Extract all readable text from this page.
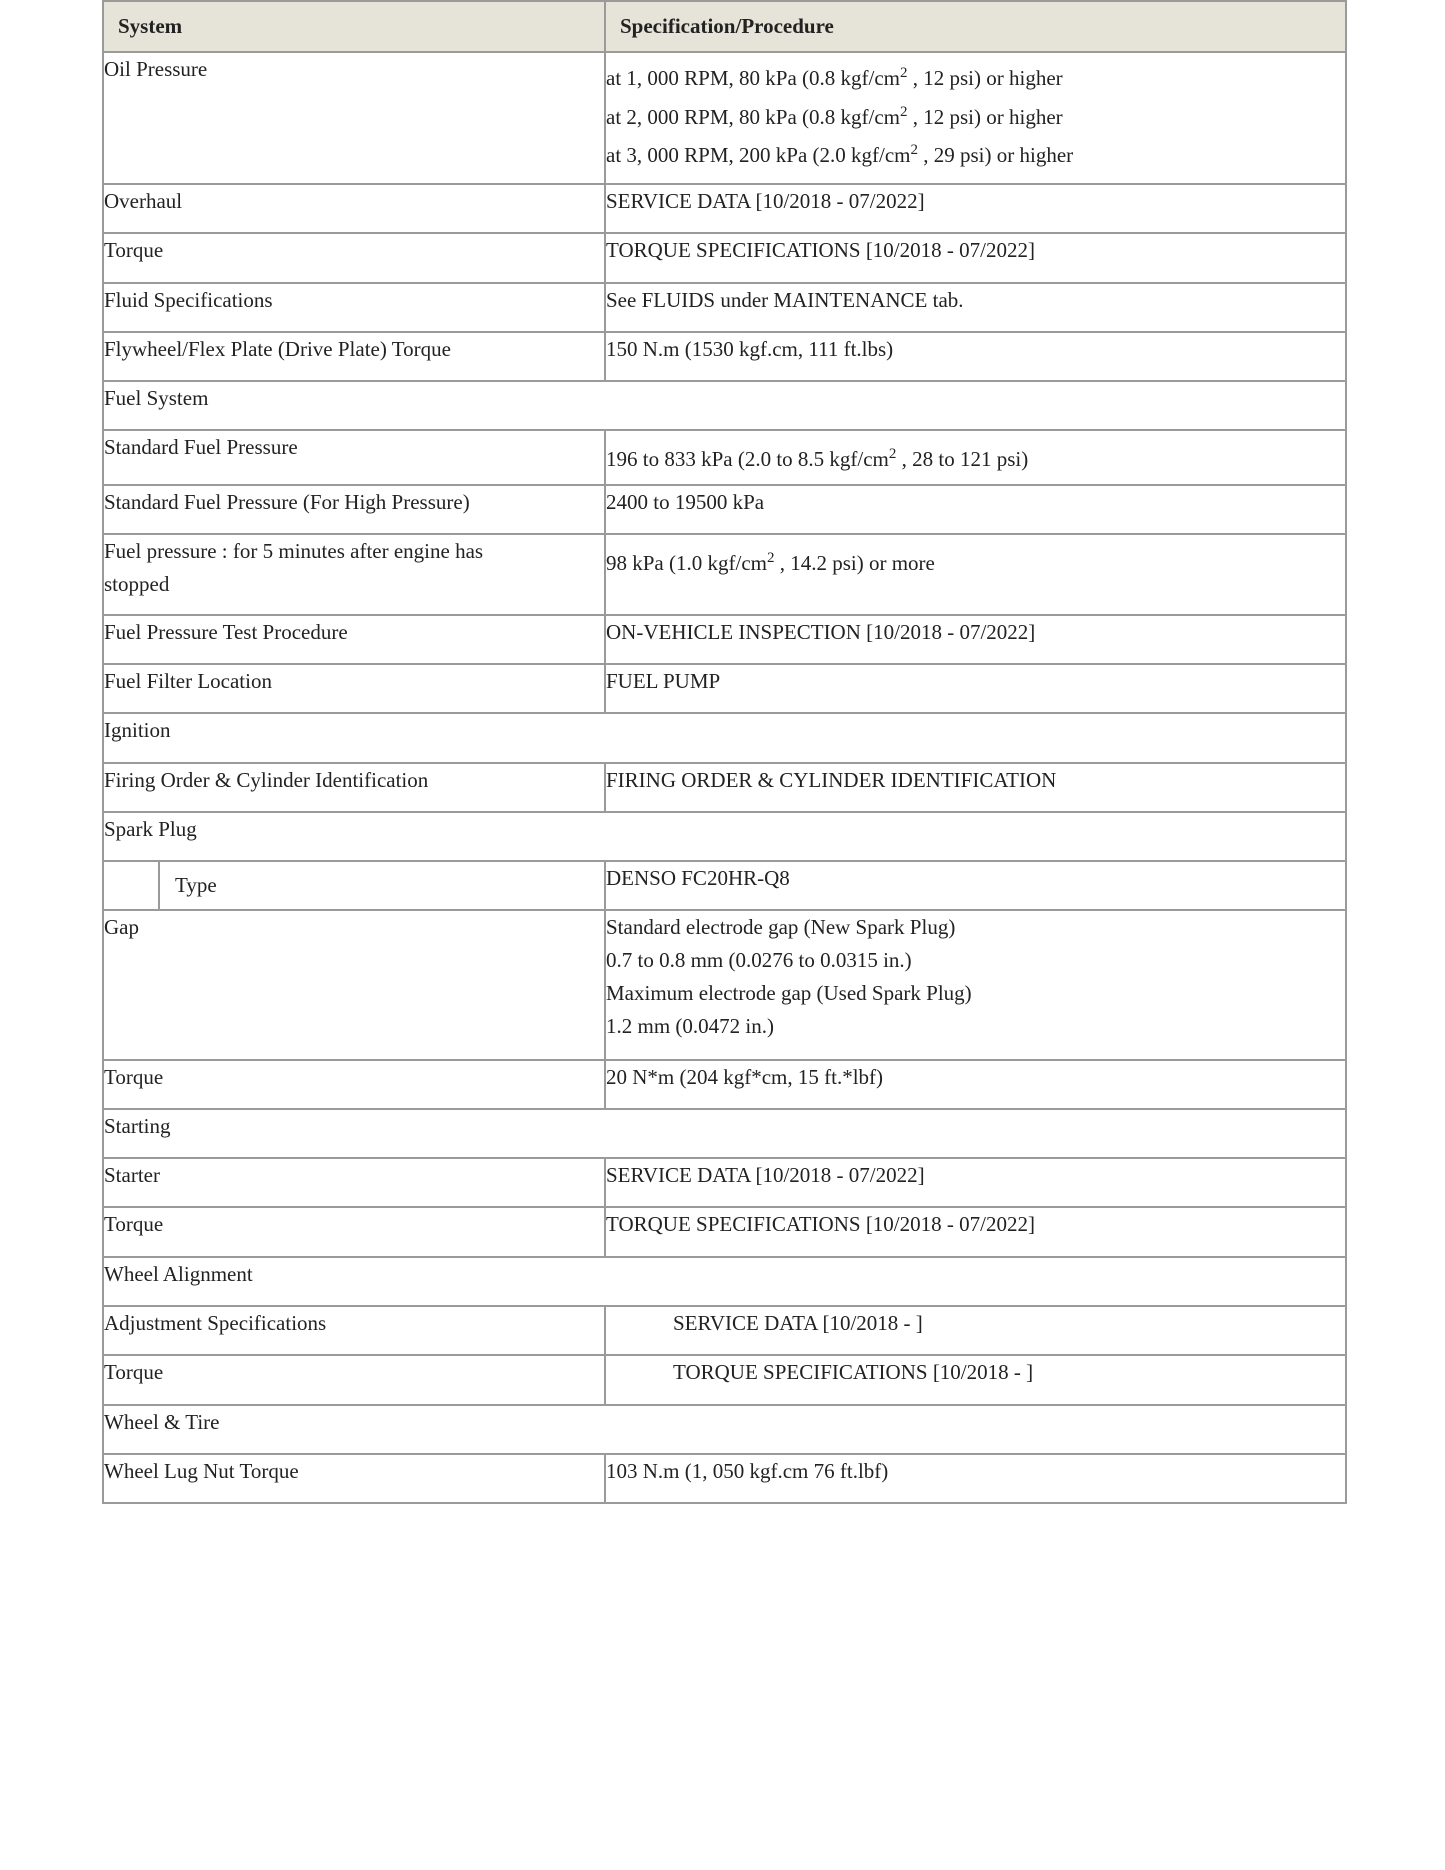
System	Specification/Procedure
Oil Pressure	at 1, 000 RPM, 80 kPa (0.8 kgf/$cm^2$ , 12 psi) or higher
at 2, 000 RPM, 80 kPa (0.8 kgf/$cm^2$ , 12 psi) or higher
at 3, 000 RPM, 200 kPa (2.0 kgf/$cm^2$ , 29 psi) or higher

Overhaul	SERVICE DATA [10/2018 - 07/2022]
Torque	TORQUE SPECIFICATIONS [10/2018 - 07/2022]
Fluid Specifications	See FLUIDS under MAINTENANCE tab.
Flywheel/Flex Plate (Drive Plate) Torque	150 N.m (1530 kgf.cm, 111 ft.lbs)
Fuel System	
Standard Fuel Pressure	196 to 833 kPa (2.0 to 8.5 kgf/$cm^2$ , 28 to 121 psi)
Standard Fuel Pressure (For High Pressure)	2400 to 19500 kPa
Fuel pressure : for 5 minutes after engine has stopped	98 kPa (1.0 kgf/$cm^2$ , 14.2 psi) or more
Fuel Pressure Test Procedure	ON-VEHICLE INSPECTION [10/2018 - 07/2022]
Fuel Filter Location	FUEL PUMP
Ignition	
Firing Order & Cylinder Identification	FIRING ORDER & CYLINDER IDENTIFICATION
Spark Plug	

Type	DENSO FC20HR-Q8
Gap	Standard electrode gap (New Spark Plug)
0.7 to 0.8 mm (0.0276 to 0.0315 in.)
Maximum electrode gap (Used Spark Plug)
1.2 mm (0.0472 in.)

Torque	20 N*m (204 kgf*cm, 15 ft.*lbf)
Starting	
Starter	SERVICE DATA [10/2018 - 07/2022]
Torque	TORQUE SPECIFICATIONS [10/2018 - 07/2022]
Wheel Alignment	
Adjustment Specifications	SERVICE DATA [10/2018 - ]
Torque	TORQUE SPECIFICATIONS [10/2018 - ]
Wheel & Tire	
Wheel Lug Nut Torque	103 N.m (1, 050 kgf.cm 76 ft.lbf)
